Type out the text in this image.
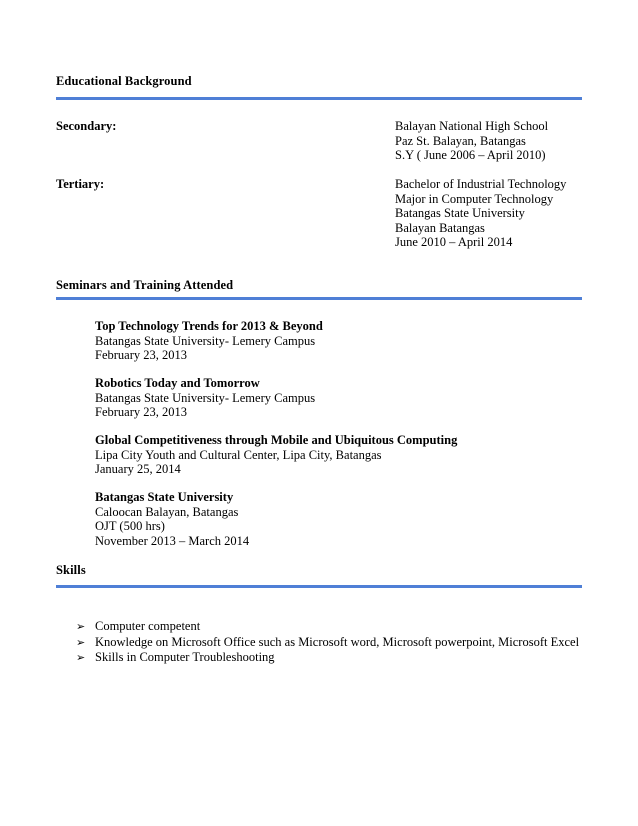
Educational Background
Secondary:	Balayan National High School
Paz St. Balayan, Batangas
S.Y ( June 2006 – April 2010)
Tertiary:	Bachelor of Industrial Technology
Major in Computer Technology
Batangas State University
Balayan Batangas
June 2010 – April 2014
Seminars and Training Attended
Top Technology Trends for 2013 & Beyond
Batangas State University- Lemery Campus
February 23, 2013
Robotics Today and Tomorrow
Batangas State University- Lemery Campus
February 23, 2013
Global Competitiveness through Mobile and Ubiquitous Computing
Lipa City Youth and Cultural Center, Lipa City, Batangas
January 25, 2014
Batangas State University
Caloocan Balayan, Batangas
OJT (500 hrs)
November 2013 – March 2014
Skills
➢ Computer competent
➢ Knowledge on Microsoft Office such as Microsoft word, Microsoft powerpoint, Microsoft Excel
➢ Skills in Computer Troubleshooting
